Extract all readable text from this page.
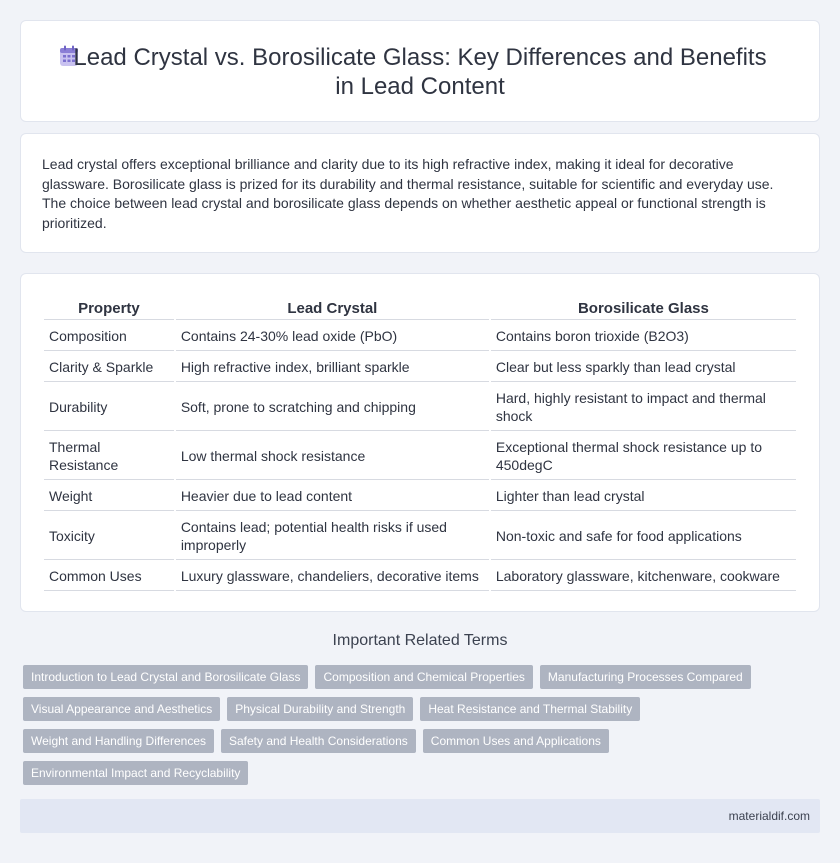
Lead Crystal vs. Borosilicate Glass: Key Differences and Benefits
in Lead Content

Lead crystal offers exceptional brilliance and clarity due to its high refractive index, making it ideal for decorative glassware. Borosilicate glass is prized for its durability and thermal resistance, suitable for scientific and everyday use. The choice between lead crystal and borosilicate glass depends on whether aesthetic appeal or functional strength is prioritized.

Property	Lead Crystal	Borosilicate Glass
Composition	Contains 24-30% lead oxide (PbO)	Contains boron trioxide (B2O3)
Clarity & Sparkle	High refractive index, brilliant sparkle	Clear but less sparkly than lead crystal
Durability	Soft, prone to scratching and chipping	Hard, highly resistant to impact and thermal shock
Thermal Resistance	Low thermal shock resistance	Exceptional thermal shock resistance up to 450degC
Weight	Heavier due to lead content	Lighter than lead crystal
Toxicity	Contains lead; potential health risks if used improperly	Non-toxic and safe for food applications
Common Uses	Luxury glassware, chandeliers, decorative items	Laboratory glassware, kitchenware, cookware
Important Related Terms
Introduction to Lead Crystal and Borosilicate Glass	Composition and Chemical Properties	Manufacturing Processes Compared
Visual Appearance and Aesthetics	Physical Durability and Strength	Heat Resistance and Thermal Stability
Weight and Handling Differences	Safety and Health Considerations	Common Uses and Applications
Environmental Impact and Recyclability
materialdif.com
